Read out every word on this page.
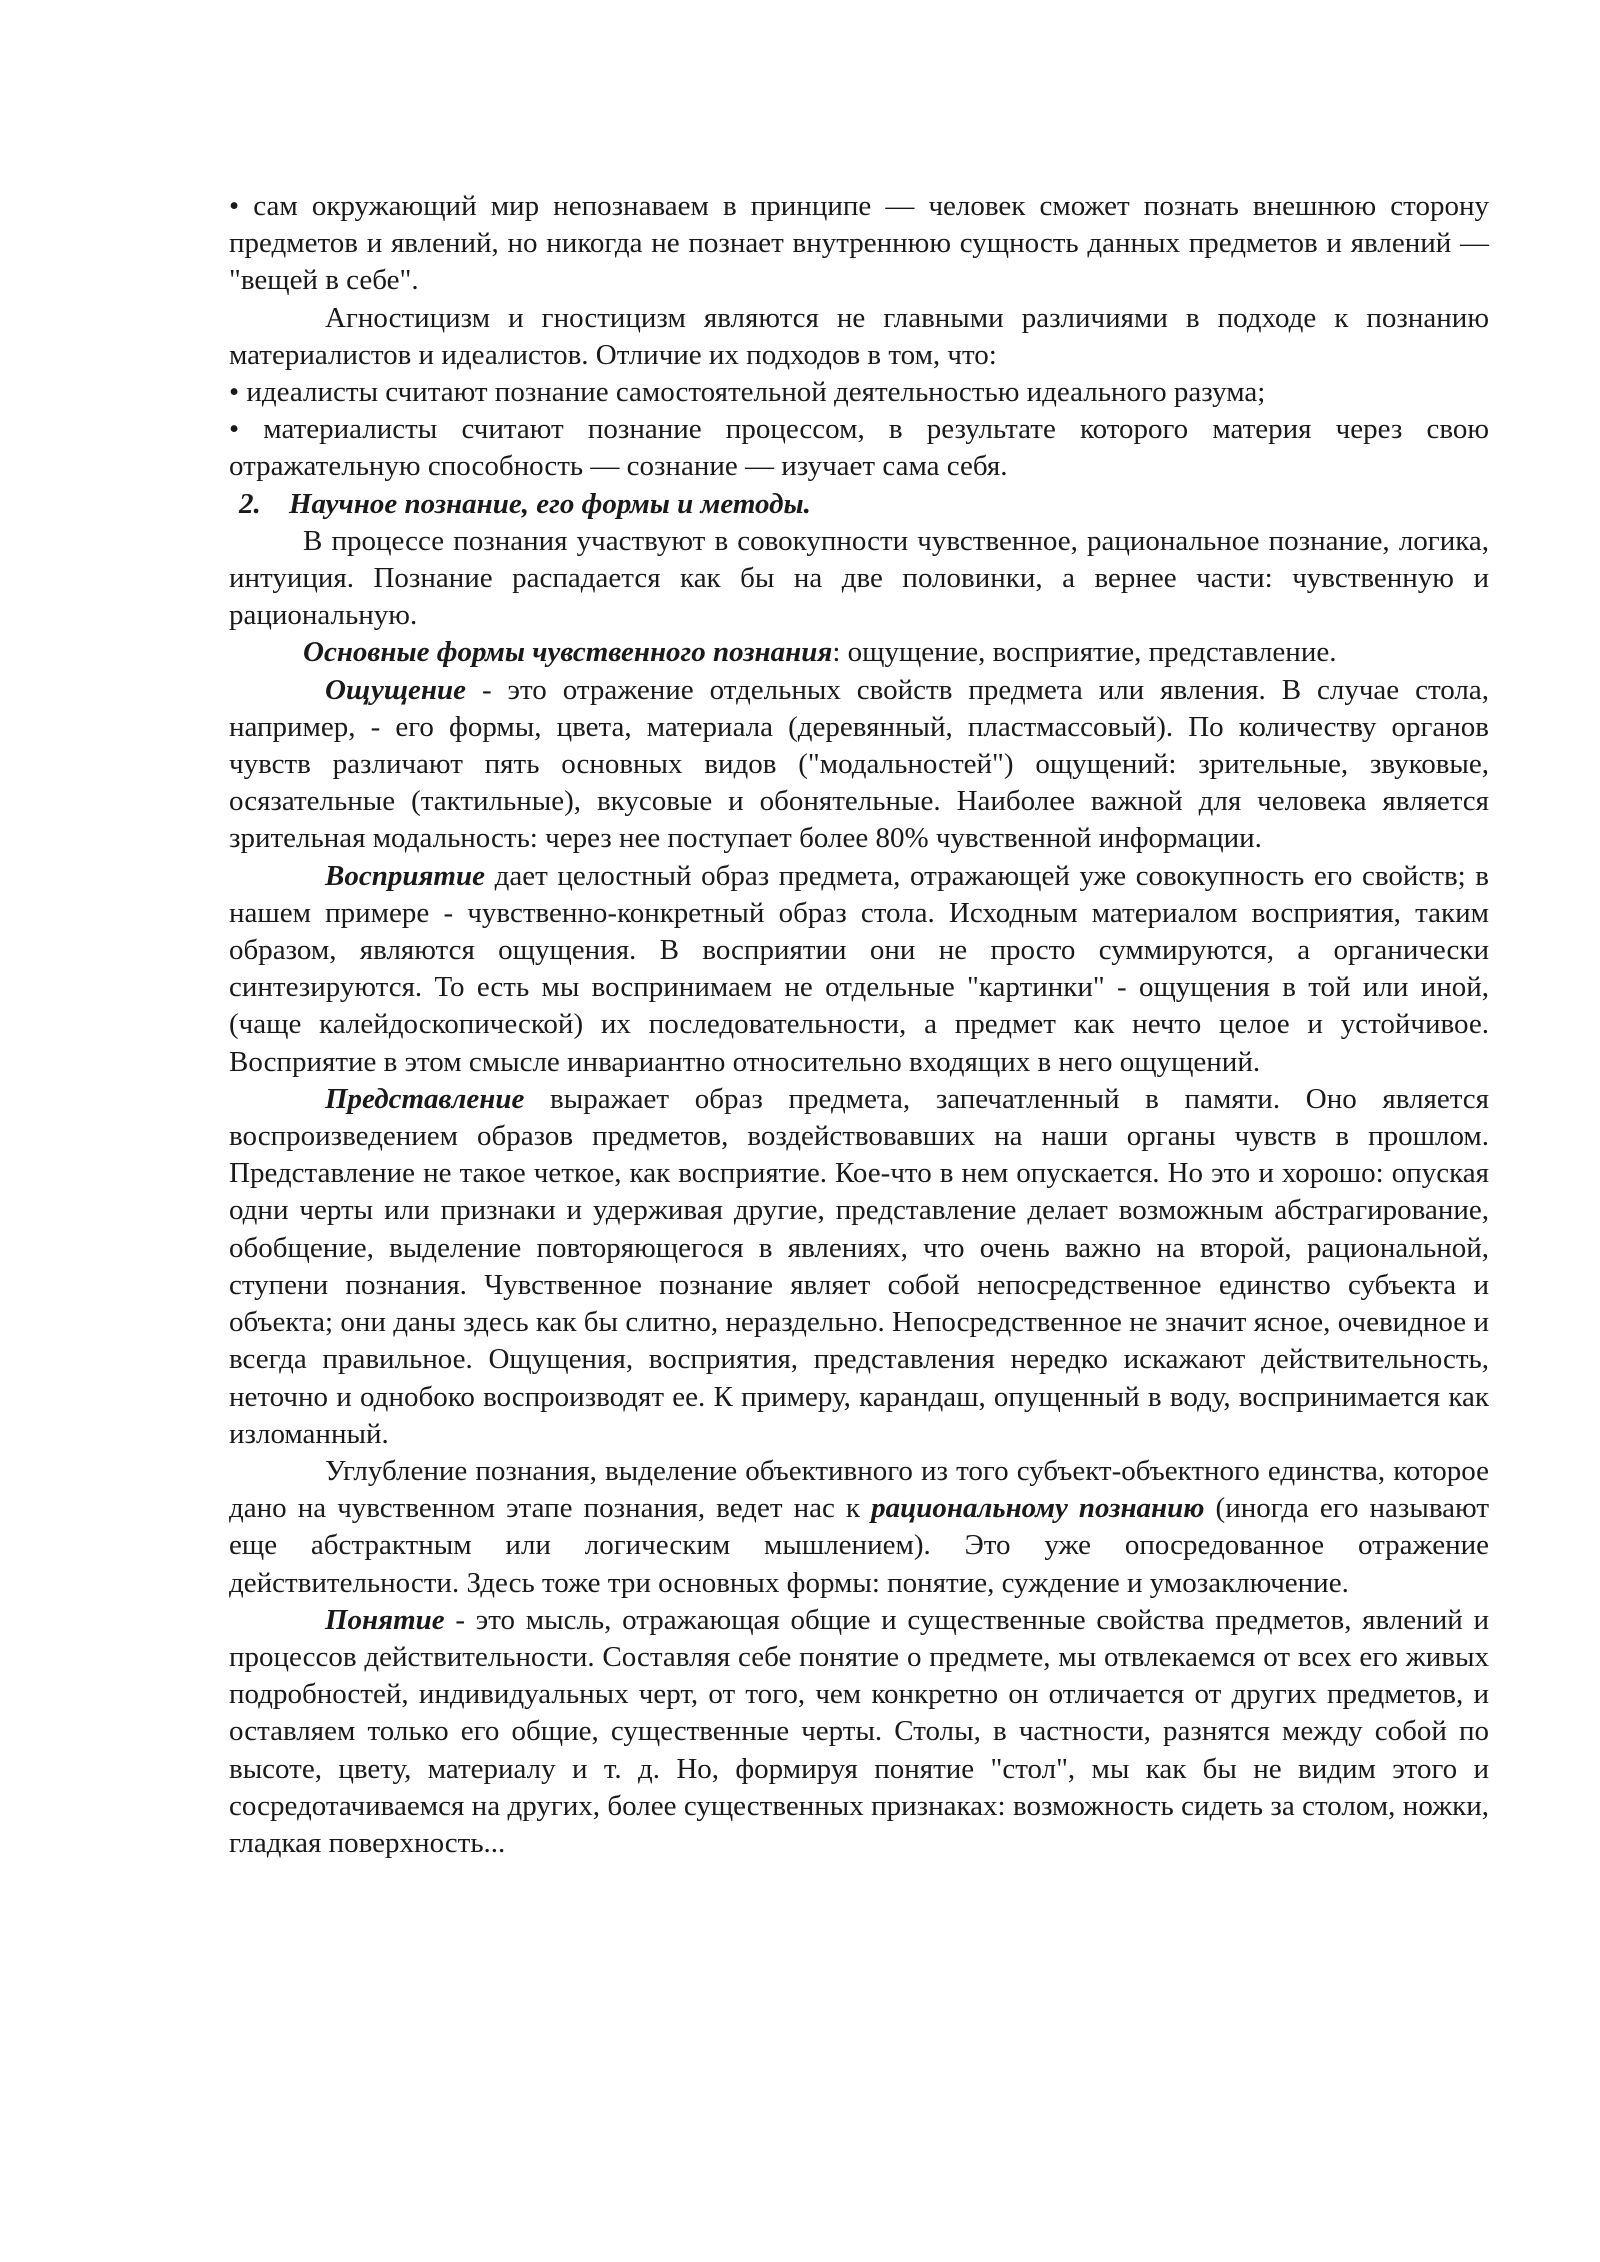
• сам окружающий мир непознаваем в принципе — человек сможет познать внешнюю сторону предметов и явлений, но никогда не познает внутреннюю сущность данных предметов и явлений — "вещей в себе".

Агностицизм и гностицизм являются не главными различиями в подходе к познанию материалистов и идеалистов. Отличие их подходов в том, что:

• идеалисты считают познание самостоятельной деятельностью идеального разума;

• материалисты считают познание процессом, в результате которого материя через свою отражательную способность — сознание — изучает сама себя.

2. Научное познание, его формы и методы.

В процессе познания участвуют в совокупности чувственное, рациональное познание, логика, интуиция. Познание распадается как бы на две половинки, а вернее части: чувственную и рациональную.

Основные формы чувственного познания: ощущение, восприятие, представление.

Ощущение - это отражение отдельных свойств предмета или явления. В случае стола, например, - его формы, цвета, материала (деревянный, пластмассовый). По количеству органов чувств различают пять основных видов ("модальностей") ощущений: зрительные, звуковые, осязательные (тактильные), вкусовые и обонятельные. Наиболее важной для человека является зрительная модальность: через нее поступает более 80% чувственной информации.

Восприятие дает целостный образ предмета, отражающей уже совокупность его свойств; в нашем примере - чувственно-конкретный образ стола. Исходным материалом восприятия, таким образом, являются ощущения. В восприятии они не просто суммируются, а органически синтезируются. То есть мы воспринимаем не отдельные "картинки" - ощущения в той или иной, (чаще калейдоскопической) их последовательности, а предмет как нечто целое и устойчивое. Восприятие в этом смысле инвариантно относительно входящих в него ощущений.

Представление выражает образ предмета, запечатленный в памяти. Оно является воспроизведением образов предметов, воздействовавших на наши органы чувств в прошлом. Представление не такое четкое, как восприятие. Кое-что в нем опускается. Но это и хорошо: опуская одни черты или признаки и удерживая другие, представление делает возможным абстрагирование, обобщение, выделение повторяющегося в явлениях, что очень важно на второй, рациональной, ступени познания. Чувственное познание являет собой непосредственное единство субъекта и объекта; они даны здесь как бы слитно, нераздельно. Непосредственное не значит ясное, очевидное и всегда правильное. Ощущения, восприятия, представления нередко искажают действительность, неточно и однобоко воспроизводят ее. К примеру, карандаш, опущенный в воду, воспринимается как изломанный.

Углубление познания, выделение объективного из того субъект-объектного единства, которое дано на чувственном этапе познания, ведет нас к рациональному познанию (иногда его называют еще абстрактным или логическим мышлением). Это уже опосредованное отражение действительности. Здесь тоже три основных формы: понятие, суждение и умозаключение.

Понятие - это мысль, отражающая общие и существенные свойства предметов, явлений и процессов действительности. Составляя себе понятие о предмете, мы отвлекаемся от всех его живых подробностей, индивидуальных черт, от того, чем конкретно он отличается от других предметов, и оставляем только его общие, существенные черты. Столы, в частности, разнятся между собой по высоте, цвету, материалу и т. д. Но, формируя понятие "стол", мы как бы не видим этого и сосредотачиваемся на других, более существенных признаках: возможность сидеть за столом, ножки, гладкая поверхность...
